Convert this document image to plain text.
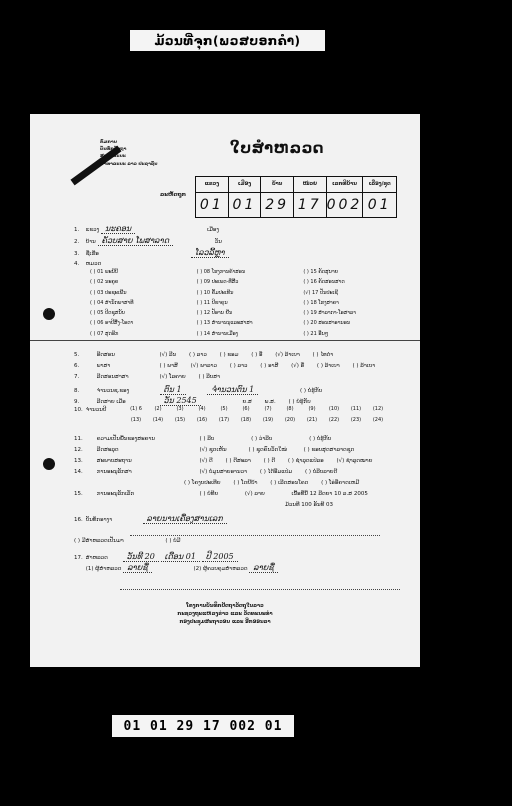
ມ້ວນທີ່ຈຸກ(ພວສບອກຄຳ)
ກົມການ
ບັນທຶກປັດຖາ
ສາທາລະນະ
ສາທາລະນະ ລາວ ປະຊາຊົນ
ໃບສຳຫລວດ
ລະຫັດຖູກ
ແຂວງ	ເມືອງ	ບ້ານ	ໜ່ວຍ	ເລກທີບ້ານ	ເລື່ອງ/ຊຸດ
01 01 29 17 002 01
1. ແຂວງ ນະຄອນ	ເມືອງ
2. ບ້ານ ຄັວບສາຍ ໂພສາລາດ	ວັນ
3. ຊື່ເຮືອ	ໂລວລີ້ຫຼາ
4. ຫມວດ
( ) 01 ພະນີບີ	( ) 08 ໂຮງການຄ້າສອນ	( ) 15 ຄັດສຸນາຍ
( ) 02 ນະຄູຄ	( ) 09 ປະເພດ-ທີ່ສີ້ວ	( ) 16 ຄັດສອນສາດ
( ) 03 ປະຊະເພີ້ນ	( ) 10 ຄັ້ມປະເທີນ	(√) 17 ປັນປະເຊີ
( ) 04 ສຳນັກພາສາທີ	( ) 11 ປີຂາຄຸນ	( ) 18 ໂຮງສາຄາ
( ) 05 ປີດຊຸສນັບ	( ) 12 ປັອານ ຢືນ	( ) 19 ສຳລາກາ-ໂອສາລາ
( ) 06 ອາປີສີ້ງ-ໂອດາ	( ) 13 ສຳນານນຸແລະສາສາ	( ) 20 ສອນສາອານອນ
( ) 07 ສຸດອີກ	( ) 14 ສຳນານເມືອງ	( ) 21 ອື່ນໆ
5.	ອີດສອນ	(√) ລີນ ( ) ລາວ ( ) ຂອມ ( ) ອື່ (√) ລ້າເບາ ( ) ໄທດຳ
6.	ພາສາ	( ) ພາສີ (√) ພາລາວ ( ) ລາວ ( ) ອາສີ (√) ອື່ ( ) ລ້າເບາ ( ) ລ້າເບາ
7.	ລີດສອນສາສາ	(√) ໂລຄາຍ ( ) ລີບສາ
8.	ຈຳນວນຊ.ຂອງ	ຕົນ 1	ຈຳນວນຕົນ 1	( ) ບໍ່ຮູ້ກັບ
9.	ລີດສາຍ ເມືອ	ວັນ 2545	ຍ.ສ ພ.ສ. ( ) ບໍ່ຮູ້ກັບ
10. ຈຳນວນປີ	(1) 6	(2)	(3)	(4)	(5)	(6)	(7)	(8)	(9)	(10)	(11)	(12)
(13)	(14)	(15)	(16)	(17)	(18)	(19)	(20)	(21)	(22)	(23)	(24)
11.	ຄວາມເປັນພື້ນຂອງສະຄານ	( ) ລີບ	( ) ວ່າລີບ	( ) ບໍ່ຮູ້ກັບ
12.	ລີດສະລຸດ	(√) ຊຸດເຫັນ	( ) ຊຸດຄົນວັດໃໝ່	( ) ຂອບສຸດສາລາດຊຸດ
13.	ສະພາບສະຖານ	(√) ດີ ( ) ດີສະລາ ( ) ດີ ( ) ຊຳລຸດແປ່ລອ (√) ຊຳລຸດໝາຍ
14.	ການອະນຸລັກສາ	(√) ບໍ່ມູນສາຍອານວາ ( ) ໄດ້ອີ່ມແປ່ມ ( ) ບໍ່ລີບລາຍດີ
( ) ໂຄງບປະເທີຍ ( ) ໂດຍີບ້າ ( ) ເລີດສອນໂຄດ ( ) ໂອ່ອີ່ຄາດເຫມີ
15.	ການອະນຸລັກເລັກ	( ) ບໍ່ທີຍ	(√) ລາຍ	ເນື້ອທີ່ນີ້ 12 ລີດຍາ 10 ລ.ສ 2005
ມ້ວນທີ 100 ອັນທີ 03
16. ບັນທຶກອາງາ	ລາຍນານເຄື່ອງສານເລກ
( ) ມີສຳຫລວດເປັນມາ	( ) ບໍ່ມີ
17. ສຳຫລວດ ວັນທີ 20 ເດືອນ 01 ປີ 2005
(1) ຜູ້ສຳຫລວດ ລາຍຊື່	(2) ຜູ້ຄວບຄຸມສຳຫລວດ ລາຍຊື່
ໂຄງການບັນທຶກປັດຖາວັດຖຸໃນລາວ
ກະຊວງຖະແຫລງຂ່າວ ແລະ ວັດທະນະທຳ
ກອງປະຊຸມສະຖາວອນ ແລະ ອີກອອນລາ
01 01 29 17 002 01
